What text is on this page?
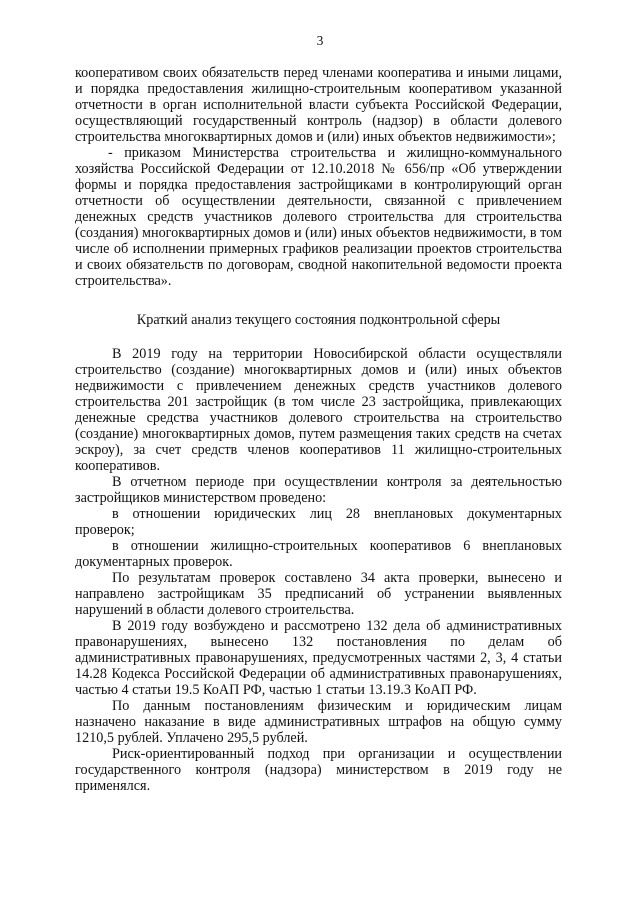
3

кооперативом своих обязательств перед членами кооператива и иными лицами, и порядка предоставления жилищно-строительным кооперативом указанной отчетности в орган исполнительной власти субъекта Российской Федерации, осуществляющий государственный контроль (надзор) в области долевого строительства многоквартирных домов и (или) иных объектов недвижимости»;

- приказом Министерства строительства и жилищно-коммунального хозяйства Российской Федерации от 12.10.2018 № 656/пр «Об утверждении формы и порядка предоставления застройщиками в контролирующий орган отчетности об осуществлении деятельности, связанной с привлечением денежных средств участников долевого строительства для строительства (создания) многоквартирных домов и (или) иных объектов недвижимости, в том числе об исполнении примерных графиков реализации проектов строительства и своих обязательств по договорам, сводной накопительной ведомости проекта строительства».

Краткий анализ текущего состояния подконтрольной сферы

В 2019 году на территории Новосибирской области осуществляли строительство (создание) многоквартирных домов и (или) иных объектов недвижимости с привлечением денежных средств участников долевого строительства 201 застройщик (в том числе 23 застройщика, привлекающих денежные средства участников долевого строительства на строительство (создание) многоквартирных домов, путем размещения таких средств на счетах эскроу), за счет средств членов кооперативов 11 жилищно-строительных кооперативов.

В отчетном периоде при осуществлении контроля за деятельностью застройщиков министерством проведено:

в отношении юридических лиц 28 внеплановых документарных проверок;

в отношении жилищно-строительных кооперативов 6 внеплановых документарных проверок.

По результатам проверок составлено 34 акта проверки, вынесено и направлено застройщикам 35 предписаний об устранении выявленных нарушений в области долевого строительства.

В 2019 году возбуждено и рассмотрено 132 дела об административных правонарушениях, вынесено 132 постановления по делам об административных правонарушениях, предусмотренных частями 2, 3, 4 статьи 14.28 Кодекса Российской Федерации об административных правонарушениях, частью 4 статьи 19.5 КоАП РФ, частью 1 статьи 13.19.3 КоАП РФ.

По данным постановлениям физическим и юридическим лицам назначено наказание в виде административных штрафов на общую сумму 1210,5 рублей. Уплачено 295,5 рублей.

Риск-ориентированный подход при организации и осуществлении государственного контроля (надзора) министерством в 2019 году не применялся.
